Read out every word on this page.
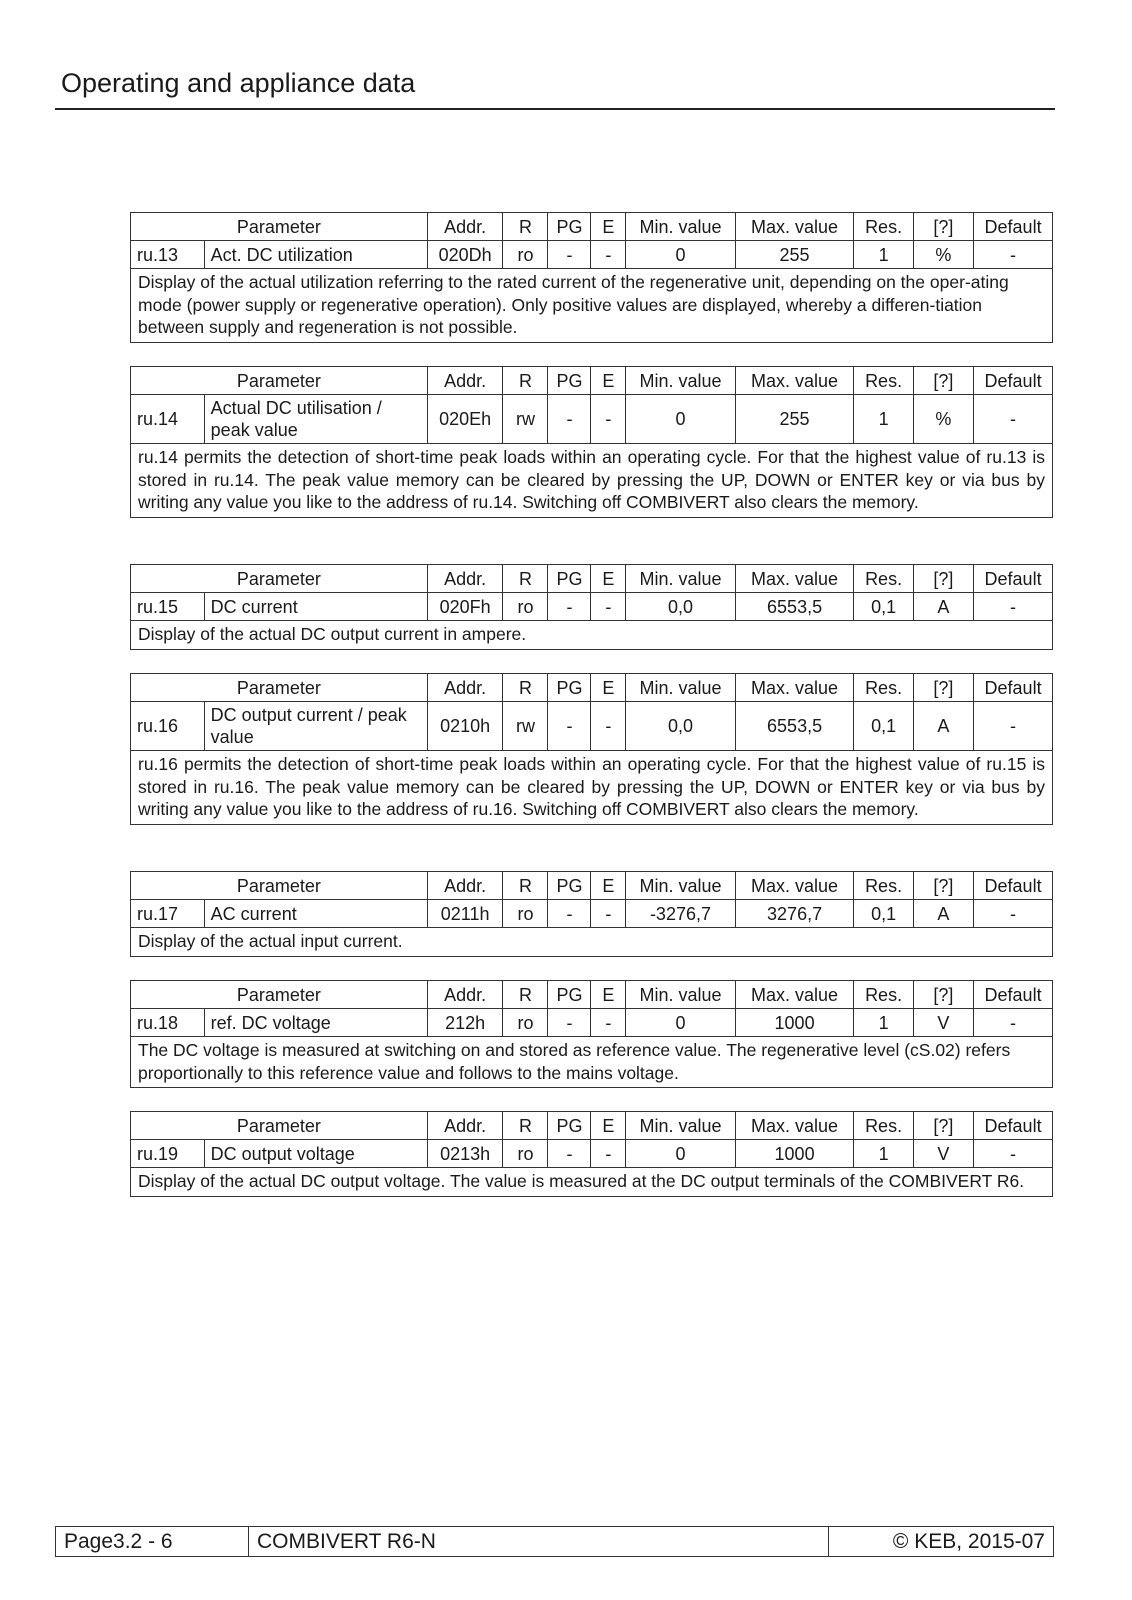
Operating and appliance data
Parameter		Addr.	R	PG	E	Min. value	Max. value	Res.	[?]	Default
ru.13	Act. DC utilization	020Dh	ro	-	-	0	255	1	%	-
Display of the actual utilization referring to the rated current of the regenerative unit, depending on the oper-ating mode (power supply or regenerative operation). Only positive values are displayed, whereby a differen-tiation between supply and regeneration is not possible.										
Parameter		Addr.	R	PG	E	Min. value	Max. value	Res.	[?]	Default
ru.14	Actual DC utilisation / peak value	020Eh	rw	-	-	0	255	1	%	-
ru.14 permits the detection of short-time peak loads within an operating cycle. For that the highest value of ru.13 is stored in ru.14. The peak value memory can be cleared by pressing the UP, DOWN or ENTER key or via bus by writing any value you like to the address of ru.14. Switching off COMBIVERT also clears the memory.										
Parameter		Addr.	R	PG	E	Min. value	Max. value	Res.	[?]	Default
ru.15	DC current	020Fh	ro	-	-	0,0	6553,5	0,1	A	-
Display of the actual DC output current in ampere.										
Parameter		Addr.	R	PG	E	Min. value	Max. value	Res.	[?]	Default
ru.16	DC output current / peak value	0210h	rw	-	-	0,0	6553,5	0,1	A	-
ru.16 permits the detection of short-time peak loads within an operating cycle. For that the highest value of ru.15 is stored in ru.16. The peak value memory can be cleared by pressing the UP, DOWN or ENTER key or via bus by writing any value you like to the address of ru.16. Switching off COMBIVERT also clears the memory.										
Parameter		Addr.	R	PG	E	Min. value	Max. value	Res.	[?]	Default
ru.17	AC current	0211h	ro	-	-	-3276,7	3276,7	0,1	A	-
Display of the actual input current.										
Parameter		Addr.	R	PG	E	Min. value	Max. value	Res.	[?]	Default
ru.18	ref. DC voltage	212h	ro	-	-	0	1000	1	V	-
The DC voltage is measured at switching on and stored as reference value. The regenerative level (cS.02) refers proportionally to this reference value and follows to the mains voltage.										
Parameter		Addr.	R	PG	E	Min. value	Max. value	Res.	[?]	Default
ru.19	DC output voltage	0213h	ro	-	-	0	1000	1	V	-
Display of the actual DC output voltage. The value is measured at the DC output terminals of the COMBIVERT R6.										
Page3.2 - 6	COMBIVERT R6-N	© KEB, 2015-07
